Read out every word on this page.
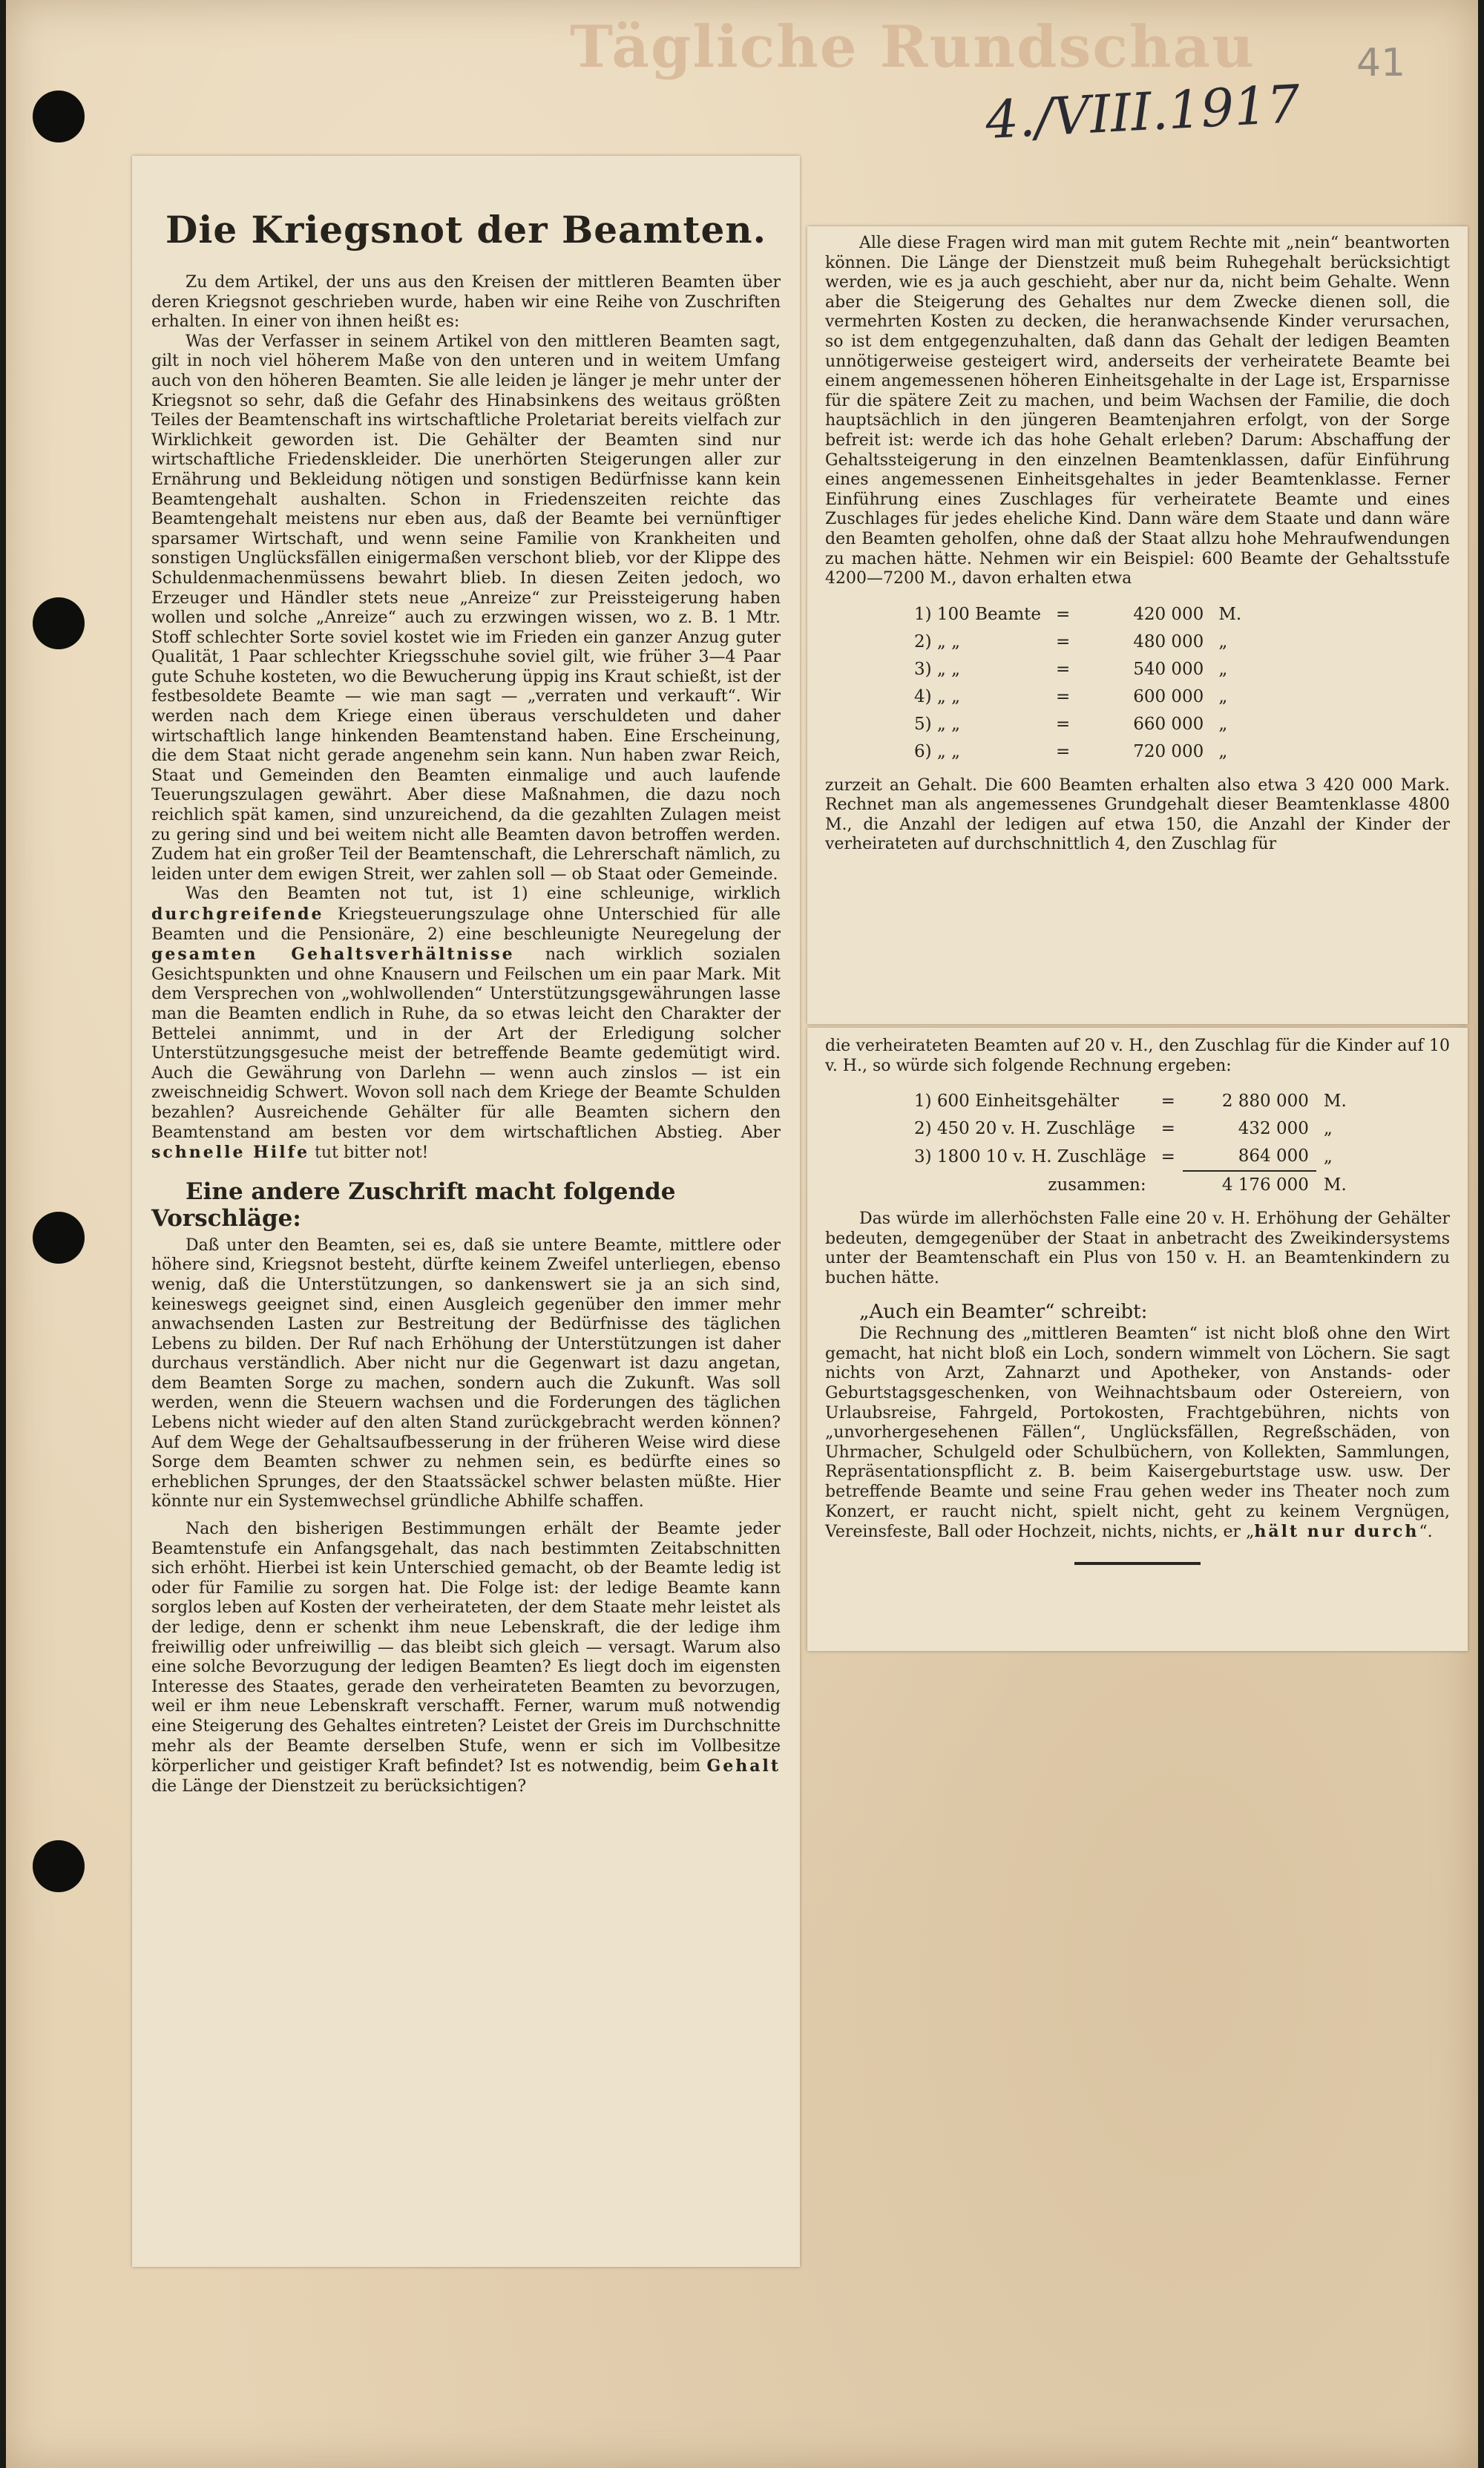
Tägliche Rundschau	41
4./VIII.1917
Die Kriegsnot der Beamten.

Zu dem Artikel, der uns aus den Kreisen der mittleren Beamten über deren Kriegsnot geschrieben wurde, haben wir eine Reihe von Zuschriften erhalten. In einer von ihnen heißt es:

Was der Verfasser in seinem Artikel von den mittleren Beamten sagt, gilt in noch viel höherem Maße von den unteren und in weitem Umfang auch von den höheren Beamten. Sie alle leiden je länger je mehr unter der Kriegsnot so sehr, daß die Gefahr des Hinabsinkens des weitaus größten Teiles der Beamtenschaft ins wirtschaftliche Proletariat bereits vielfach zur Wirklichkeit geworden ist. Die Gehälter der Beamten sind nur wirtschaftliche Friedenskleider. Die unerhörten Steigerungen aller zur Ernährung und Bekleidung nötigen und sonstigen Bedürfnisse kann kein Beamtengehalt aushalten. Schon in Friedenszeiten reichte das Beamtengehalt meistens nur eben aus, daß der Beamte bei vernünftiger sparsamer Wirtschaft, und wenn seine Familie von Krankheiten und sonstigen Unglücksfällen einigermaßen verschont blieb, vor der Klippe des Schuldenmachenmüssens bewahrt blieb. In diesen Zeiten jedoch, wo Erzeuger und Händler stets neue „Anreize“ zur Preissteigerung haben wollen und solche „Anreize“ auch zu erzwingen wissen, wo z. B. 1 Mtr. Stoff schlechter Sorte soviel kostet wie im Frieden ein ganzer Anzug guter Qualität, 1 Paar schlechter Kriegsschuhe soviel gilt, wie früher 3—4 Paar gute Schuhe kosteten, wo die Bewucherung üppig ins Kraut schießt, ist der festbesoldete Beamte — wie man sagt — „verraten und verkauft“. Wir werden nach dem Kriege einen überaus verschuldeten und daher wirtschaftlich lange hinkenden Beamtenstand haben. Eine Erscheinung, die dem Staat nicht gerade angenehm sein kann. Nun haben zwar Reich, Staat und Gemeinden den Beamten einmalige und auch laufende Teuerungszulagen gewährt. Aber diese Maßnahmen, die dazu noch reichlich spät kamen, sind unzureichend, da die gezahlten Zulagen meist zu gering sind und bei weitem nicht alle Beamten davon betroffen werden. Zudem hat ein großer Teil der Beamtenschaft, die Lehrerschaft nämlich, zu leiden unter dem ewigen Streit, wer zahlen soll — ob Staat oder Gemeinde.

Was den Beamten not tut, ist 1) eine schleunige, wirklich durchgreifende Kriegsteuerungszulage ohne Unterschied für alle Beamten und die Pensionäre, 2) eine beschleunigte Neuregelung der gesamten Gehaltsverhältnisse nach wirklich sozialen Gesichtspunkten und ohne Knausern und Feilschen um ein paar Mark. Mit dem Versprechen von „wohlwollenden“ Unterstützungsgewährungen lasse man die Beamten endlich in Ruhe, da so etwas leicht den Charakter der Bettelei annimmt, und in der Art der Erledigung solcher Unterstützungsgesuche meist der betreffende Beamte gedemütigt wird. Auch die Gewährung von Darlehn — wenn auch zinslos — ist ein zweischneidig Schwert. Wovon soll nach dem Kriege der Beamte Schulden bezahlen? Ausreichende Gehälter für alle Beamten sichern den Beamtenstand am besten vor dem wirtschaftlichen Abstieg. Aber schnelle Hilfe tut bitter not!

Eine andere Zuschrift macht folgende Vorschläge:

Daß unter den Beamten, sei es, daß sie untere Beamte, mittlere oder höhere sind, Kriegsnot besteht, dürfte keinem Zweifel unterliegen, ebenso wenig, daß die Unterstützungen, so dankenswert sie ja an sich sind, keineswegs geeignet sind, einen Ausgleich gegenüber den immer mehr anwachsenden Lasten zur Bestreitung der Bedürfnisse des täglichen Lebens zu bilden. Der Ruf nach Erhöhung der Unterstützungen ist daher durchaus verständlich. Aber nicht nur die Gegenwart ist dazu angetan, dem Beamten Sorge zu machen, sondern auch die Zukunft. Was soll werden, wenn die Steuern wachsen und die Forderungen des täglichen Lebens nicht wieder auf den alten Stand zurückgebracht werden können? Auf dem Wege der Gehaltsaufbesserung in der früheren Weise wird diese Sorge dem Beamten schwer zu nehmen sein, es bedürfte eines so erheblichen Sprunges, der den Staatssäckel schwer belasten müßte. Hier könnte nur ein Systemwechsel gründliche Abhilfe schaffen.

Nach den bisherigen Bestimmungen erhält der Beamte jeder Beamtenstufe ein Anfangsgehalt, das nach bestimmten Zeitabschnitten sich erhöht. Hierbei ist kein Unterschied gemacht, ob der Beamte ledig ist oder für Familie zu sorgen hat. Die Folge ist: der ledige Beamte kann sorglos leben auf Kosten der verheirateten, der dem Staate mehr leistet als der ledige, denn er schenkt ihm neue Lebenskraft, die der ledige ihm freiwillig oder unfreiwillig — das bleibt sich gleich — versagt. Warum also eine solche Bevorzugung der ledigen Beamten? Es liegt doch im eigensten Interesse des Staates, gerade den verheirateten Beamten zu bevorzugen, weil er ihm neue Lebenskraft verschafft. Ferner, warum muß notwendig eine Steigerung des Gehaltes eintreten? Leistet der Greis im Durchschnitte mehr als der Beamte derselben Stufe, wenn er sich im Vollbesitze körperlicher und geistiger Kraft befindet? Ist es notwendig, beim Gehalt die Länge der Dienstzeit zu berücksichtigen?

Alle diese Fragen wird man mit gutem Rechte mit „nein“ beantworten können. Die Länge der Dienstzeit muß beim Ruhegehalt berücksichtigt werden, wie es ja auch geschieht, aber nur da, nicht beim Gehalte. Wenn aber die Steigerung des Gehaltes nur dem Zwecke dienen soll, die vermehrten Kosten zu decken, die heranwachsende Kinder verursachen, so ist dem entgegenzuhalten, daß dann das Gehalt der ledigen Beamten unnötigerweise gesteigert wird, anderseits der verheiratete Beamte bei einem angemessenen höheren Einheitsgehalte in der Lage ist, Ersparnisse für die spätere Zeit zu machen, und beim Wachsen der Familie, die doch hauptsächlich in den jüngeren Beamtenjahren erfolgt, von der Sorge befreit ist: werde ich das hohe Gehalt erleben? Darum: Abschaffung der Gehaltssteigerung in den einzelnen Beamtenklassen, dafür Einführung eines angemessenen Einheitsgehaltes in jeder Beamtenklasse. Ferner Einführung eines Zuschlages für verheiratete Beamte und eines Zuschlages für jedes eheliche Kind. Dann wäre dem Staate und dann wäre den Beamten geholfen, ohne daß der Staat allzu hohe Mehraufwendungen zu machen hätte. Nehmen wir ein Beispiel: 600 Beamte der Gehaltsstufe 4200—7200 M., davon erhalten etwa

1) 100 Beamte	=	420 000	M.
2) „ „	=	480 000	„
3) „ „	=	540 000	„
4) „ „	=	600 000	„
5) „ „	=	660 000	„
6) „ „	=	720 000	„

zurzeit an Gehalt. Die 600 Beamten erhalten also etwa 3 420 000 Mark. Rechnet man als angemessenes Grundgehalt dieser Beamtenklasse 4800 M., die Anzahl der ledigen auf etwa 150, die Anzahl der Kinder der verheirateten auf durchschnittlich 4, den Zuschlag für

die verheirateten Beamten auf 20 v. H., den Zuschlag für die Kinder auf 10 v. H., so würde sich folgende Rechnung ergeben:

1) 600 Einheitsgehälter	=	2 880 000	M.
2) 450 20 v. H. Zuschläge	=	432 000	„
3) 1800 10 v. H. Zuschläge	=	864 000	„
zusammen:		4 176 000	M.

Das würde im allerhöchsten Falle eine 20 v. H. Erhöhung der Gehälter bedeuten, demgegenüber der Staat in anbetracht des Zweikindersystems unter der Beamtenschaft ein Plus von 150 v. H. an Beamtenkindern zu buchen hätte.

„Auch ein Beamter“ schreibt:

Die Rechnung des „mittleren Beamten“ ist nicht bloß ohne den Wirt gemacht, hat nicht bloß ein Loch, sondern wimmelt von Löchern. Sie sagt nichts von Arzt, Zahnarzt und Apotheker, von Anstands- oder Geburtstagsgeschenken, von Weihnachtsbaum oder Ostereiern, von Urlaubsreise, Fahrgeld, Portokosten, Frachtgebühren, nichts von „unvorhergesehenen Fällen“, Unglücksfällen, Regreßschäden, von Uhrmacher, Schulgeld oder Schulbüchern, von Kollekten, Sammlungen, Repräsentationspflicht z. B. beim Kaisergeburtstage usw. usw. Der betreffende Beamte und seine Frau gehen weder ins Theater noch zum Konzert, er raucht nicht, spielt nicht, geht zu keinem Vergnügen, Vereinsfeste, Ball oder Hochzeit, nichts, nichts, er „hält nur durch“.
